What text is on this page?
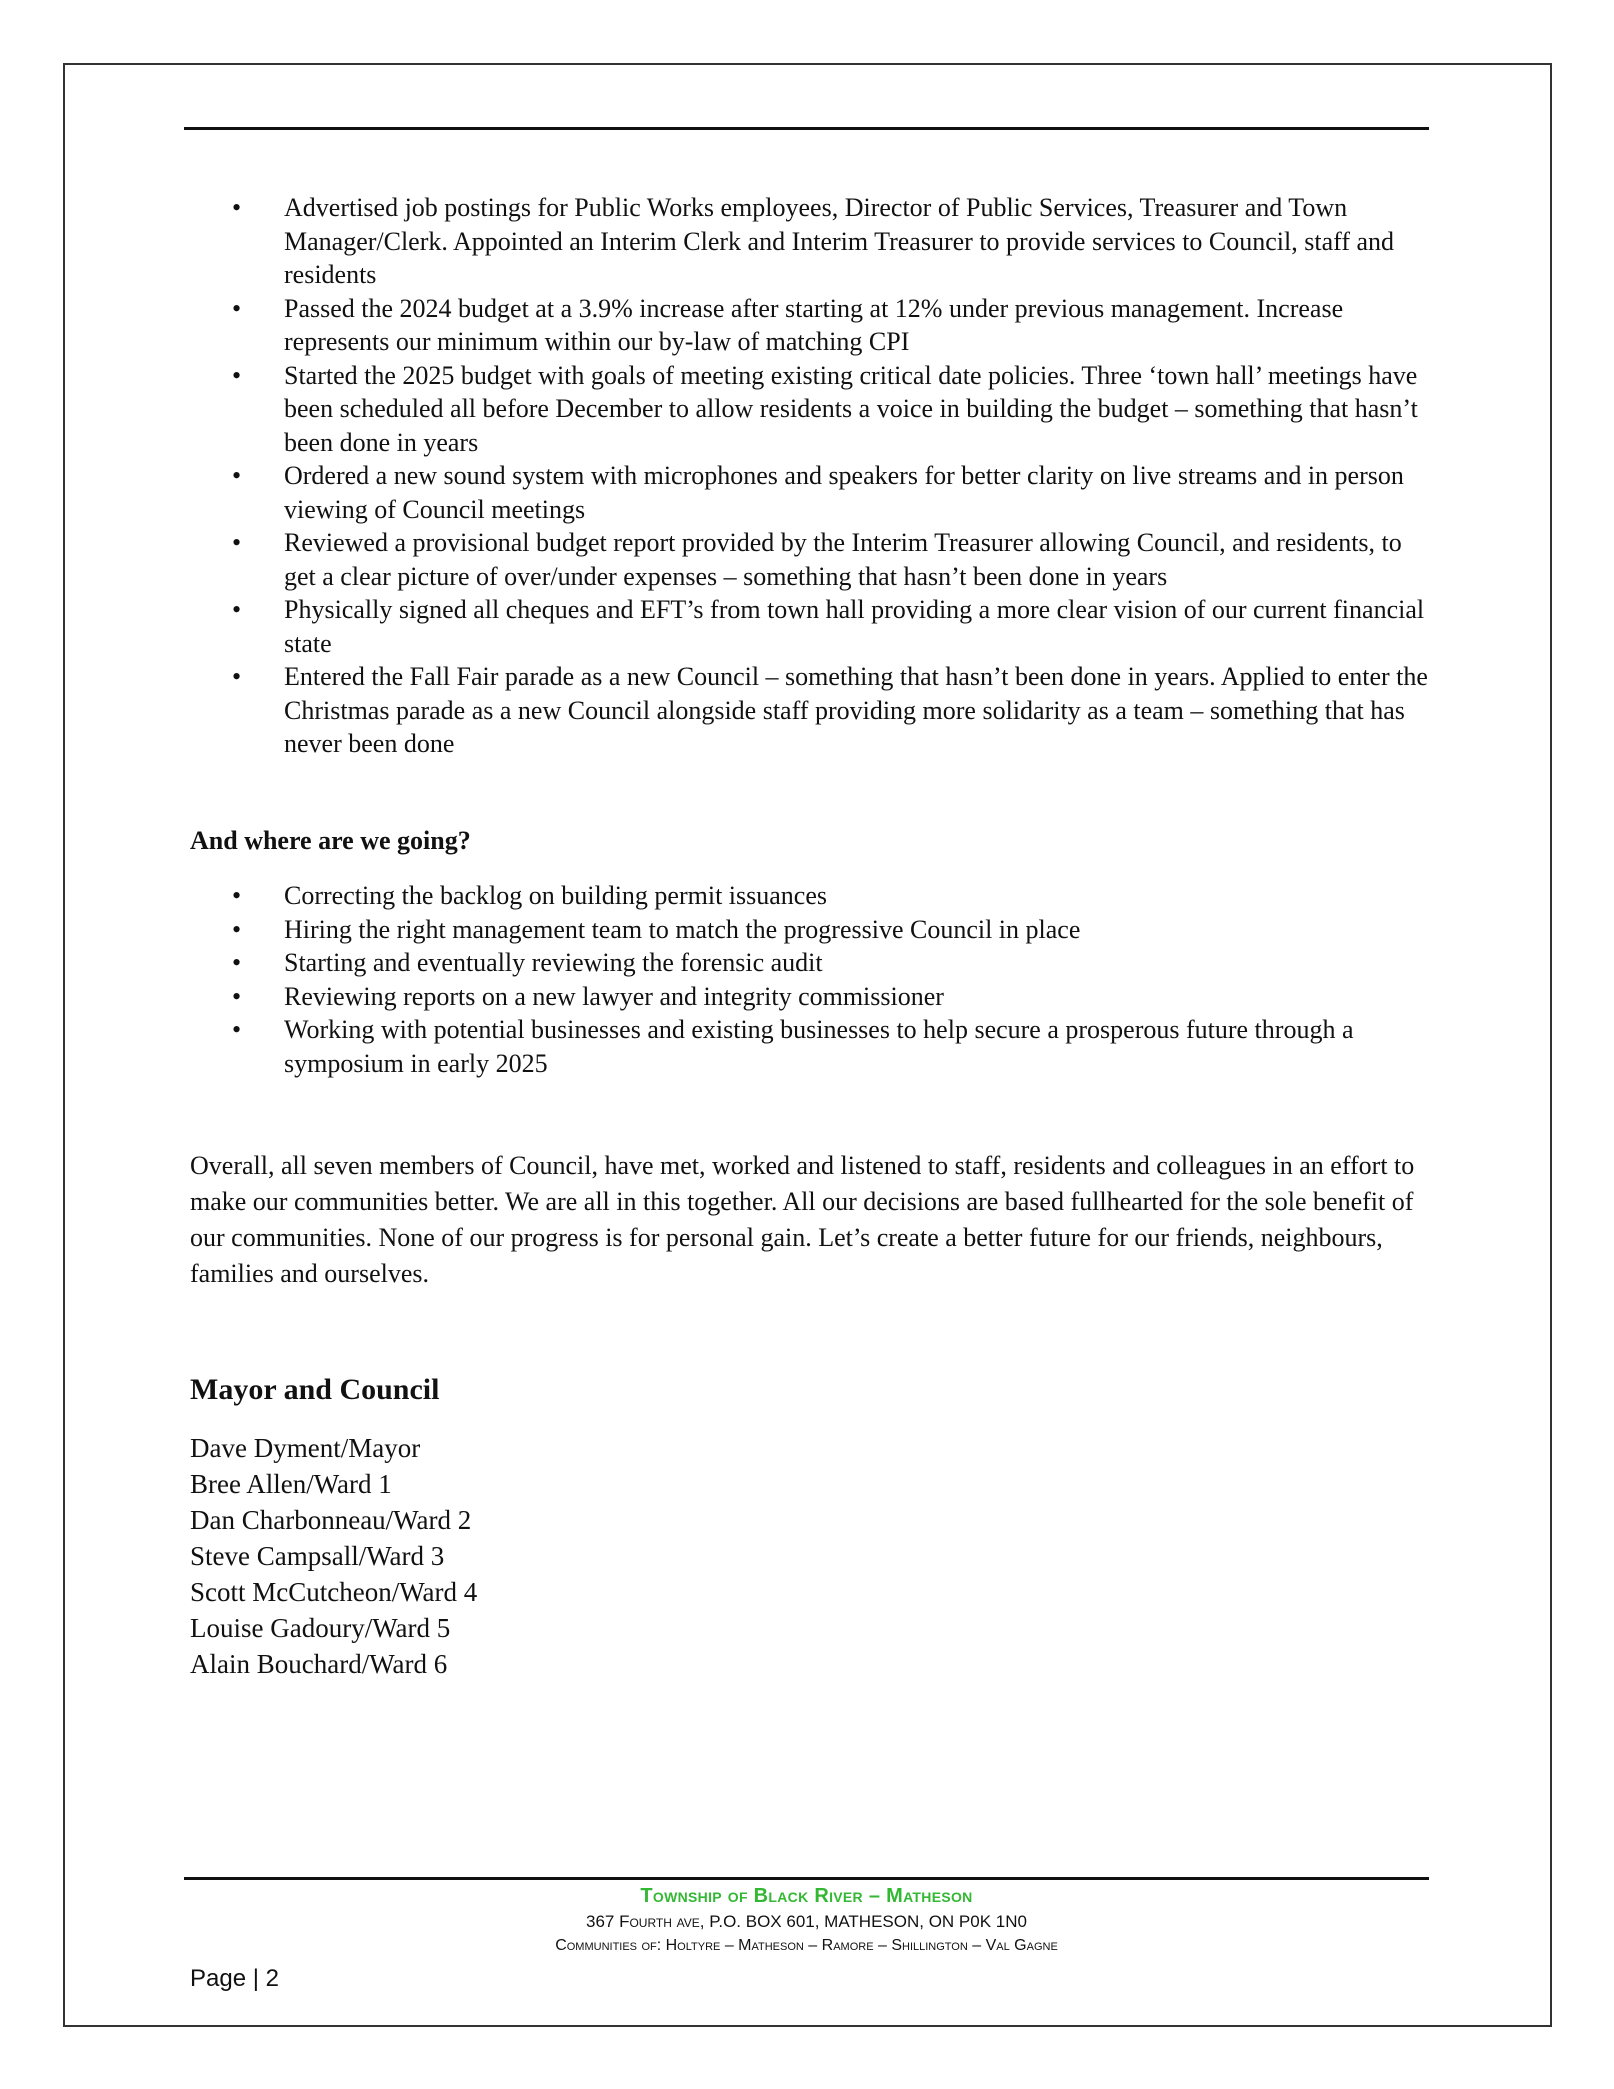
• Advertised job postings for Public Works employees, Director of Public Services, Treasurer and Town Manager/Clerk. Appointed an Interim Clerk and Interim Treasurer to provide services to Council, staff and residents
• Passed the 2024 budget at a 3.9% increase after starting at 12% under previous management. Increase represents our minimum within our by-law of matching CPI
• Started the 2025 budget with goals of meeting existing critical date policies. Three ‘town hall’ meetings have been scheduled all before December to allow residents a voice in building the budget – something that hasn’t been done in years
• Ordered a new sound system with microphones and speakers for better clarity on live streams and in person viewing of Council meetings
• Reviewed a provisional budget report provided by the Interim Treasurer allowing Council, and residents, to get a clear picture of over/under expenses – something that hasn’t been done in years
• Physically signed all cheques and EFT’s from town hall providing a more clear vision of our current financial state
• Entered the Fall Fair parade as a new Council – something that hasn’t been done in years. Applied to enter the Christmas parade as a new Council alongside staff providing more solidarity as a team – something that has never been done
And where are we going?
• Correcting the backlog on building permit issuances
• Hiring the right management team to match the progressive Council in place
• Starting and eventually reviewing the forensic audit
• Reviewing reports on a new lawyer and integrity commissioner
• Working with potential businesses and existing businesses to help secure a prosperous future through a symposium in early 2025

Overall, all seven members of Council, have met, worked and listened to staff, residents and colleagues in an effort to make our communities better. We are all in this together. All our decisions are based fullhearted for the sole benefit of our communities. None of our progress is for personal gain. Let’s create a better future for our friends, neighbours, families and ourselves.

Mayor and Council
Dave Dyment/Mayor
Bree Allen/Ward 1
Dan Charbonneau/Ward 2
Steve Campsall/Ward 3
Scott McCutcheon/Ward 4
Louise Gadoury/Ward 5
Alain Bouchard/Ward 6
Township of Black River – Matheson
367 Fourth ave, P.O. BOX 601, MATHESON, ON P0K 1N0
Communities of: Holtyre – Matheson – Ramore – Shillington – Val Gagne
Page | 2
